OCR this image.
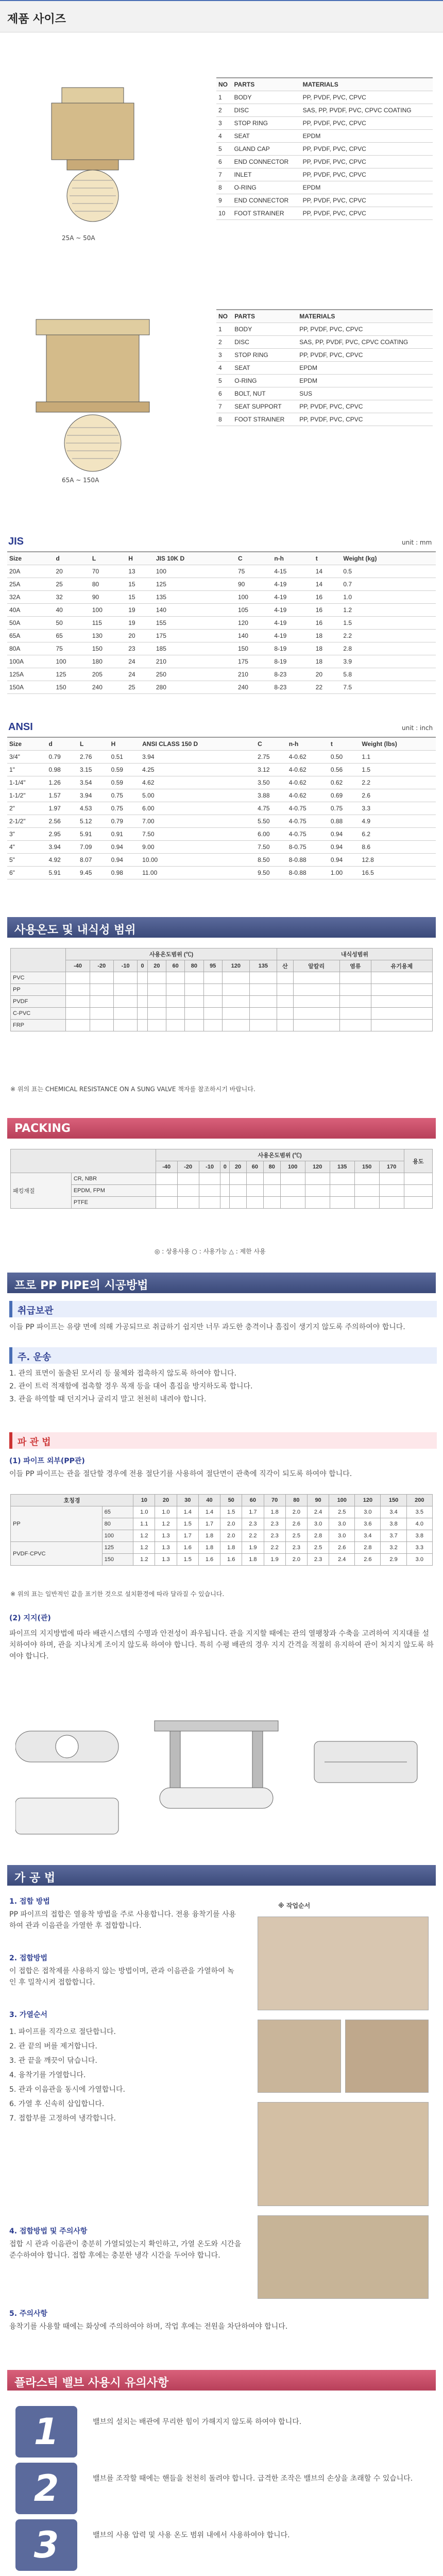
제품 사이즈
25A ~ 50A
NO	PARTS	MATERIALS
1	BODY	PP, PVDF, PVC, CPVC
2	DISC	SAS, PP, PVDF, PVC, CPVC COATING
3	STOP RING	PP, PVDF, PVC, CPVC
4	SEAT	EPDM
5	GLAND CAP	PP, PVDF, PVC, CPVC
6	END CONNECTOR	PP, PVDF, PVC, CPVC
7	INLET	PP, PVDF, PVC, CPVC
8	O-RING	EPDM
9	END CONNECTOR	PP, PVDF, PVC, CPVC
10	FOOT STRAINER	PP, PVDF, PVC, CPVC
65A ~ 150A
NO	PARTS	MATERIALS
1	BODY	PP, PVDF, PVC, CPVC
2	DISC	SAS, PP, PVDF, PVC, CPVC COATING
3	STOP RING	PP, PVDF, PVC, CPVC
4	SEAT	EPDM
5	O-RING	EPDM
6	BOLT, NUT	SUS
7	SEAT SUPPORT	PP, PVDF, PVC, CPVC
8	FOOT STRAINER	PP, PVDF, PVC, CPVC
JIS	unit : mm
Size	d	L	H	JIS 10K D	C	n-h	t	Weight (kg)
20A	20	70	13	100	75	4-15	14	0.5
25A	25	80	15	125	90	4-19	14	0.7
32A	32	90	15	135	100	4-19	16	1.0
40A	40	100	19	140	105	4-19	16	1.2
50A	50	115	19	155	120	4-19	16	1.5
65A	65	130	20	175	140	4-19	18	2.2
80A	75	150	23	185	150	8-19	18	2.8
100A	100	180	24	210	175	8-19	18	3.9
125A	125	205	24	250	210	8-23	20	5.8
150A	150	240	25	280	240	8-23	22	7.5
ANSI	unit : inch
Size	d	L	H	ANSI CLASS 150 D	C	n-h	t	Weight (lbs)
3/4"	0.79	2.76	0.51	3.94	2.75	4-0.62	0.50	1.1
1"	0.98	3.15	0.59	4.25	3.12	4-0.62	0.56	1.5
1-1/4"	1.26	3.54	0.59	4.62	3.50	4-0.62	0.62	2.2
1-1/2"	1.57	3.94	0.75	5.00	3.88	4-0.62	0.69	2.6
2"	1.97	4.53	0.75	6.00	4.75	4-0.75	0.75	3.3
2-1/2"	2.56	5.12	0.79	7.00	5.50	4-0.75	0.88	4.9
3"	2.95	5.91	0.91	7.50	6.00	4-0.75	0.94	6.2
4"	3.94	7.09	0.94	9.00	7.50	8-0.75	0.94	8.6
5"	4.92	8.07	0.94	10.00	8.50	8-0.88	0.94	12.8
6"	5.91	9.45	0.98	11.00	9.50	8-0.88	1.00	16.5
사용온도 및 내식성 범위
	사용온도범위 (℃)										내식성범위			
	-40	-20	-10	0	20	60	80	95	120	135	산	알칼리	염류	유기용제
PVC														
PP														
PVDF														
C-PVC														
FRP														
※ 위의 표는 CHEMICAL RESISTANCE ON A SUNG VALVE 책자를 참조하시기 바랍니다.
PACKING
		사용온도범위 (℃)												용도
		-40	-20	-10	0	20	60	80	100	120	135	150	170	
패킹재질	CR, NBR													
	EPDM, FPM													
	PTFE													
◎ : 상용사용 ○ : 사용가능 △ : 제한 사용
프로 PP PIPE의 시공방법
취급보관
이들 PP 파이프는 유량 면에 의해 가공되므로 취급하기 쉽지만 너무 과도한 충격이나 흠집이 생기지 않도록 주의하여야 합니다.
주. 운송
1. 관의 표면이 돌출된 모서리 등 물체와 접촉하지 않도록 하여야 합니다.
2. 관이 트럭 적재함에 접촉할 경우 목재 등을 대어 흠집을 방지하도록 합니다.
3. 관을 하역할 때 던지거나 굴리지 말고 천천히 내려야 합니다.
파 관 법
(1) 파이프 외부(PP관)
이들 PP 파이프는 관을 절단할 경우에 전용 절단기를 사용하여 절단면이 관축에 직각이 되도록 하여야 합니다.
호칭경		10	20	30	40	50	60	70	80	90	100	120	150	200
PP	65	1.0	1.0	1.4	1.4	1.5	1.7	1.8	2.0	2.4	2.5	3.0	3.4	3.5
	80	1.1	1.2	1.5	1.7	2.0	2.3	2.3	2.6	3.0	3.0	3.6	3.8	4.0
	100	1.2	1.3	1.7	1.8	2.0	2.2	2.3	2.5	2.8	3.0	3.4	3.7	3.8
PVDF·CPVC	125	1.2	1.3	1.6	1.8	1.8	1.9	2.2	2.3	2.5	2.6	2.8	3.2	3.3
	150	1.2	1.3	1.5	1.6	1.6	1.8	1.9	2.0	2.3	2.4	2.6	2.9	3.0
※ 위의 표는 일반적인 값을 표기한 것으로 설치환경에 따라 달라질 수 있습니다.
(2) 지지(관)
파이프의 지지방법에 따라 배관시스템의 수명과 안전성이 좌우됩니다. 관을 지지할 때에는 관의 열팽창과 수축을 고려하여 지지대를 설치하여야 하며, 관을 지나치게 조이지 않도록 하여야 합니다. 특히 수평 배관의 경우 지지 간격을 적절히 유지하여 관이 처지지 않도록 하여야 합니다.
가 공 법
1. 접합 방법
PP 파이프의 접합은 열융착 방법을 주로 사용합니다. 전용 융착기를 사용하여 관과 이음관을 가열한 후 접합합니다.
2. 접합방법
이 접합은 접착제를 사용하지 않는 방법이며, 관과 이음관을 가열하여 녹인 후 밀착시켜 접합합니다.
3. 가열순서
1. 파이프를 직각으로 절단합니다.
2. 관 끝의 버를 제거합니다.
3. 관 끝을 깨끗이 닦습니다.
4. 융착기를 가열합니다.
5. 관과 이음관을 동시에 가열합니다.
6. 가열 후 신속히 삽입합니다.
7. 접합부를 고정하여 냉각합니다.
※ 작업순서
4. 접합방법 및 주의사항
접합 시 관과 이음관이 충분히 가열되었는지 확인하고, 가열 온도와 시간을 준수하여야 합니다. 접합 후에는 충분한 냉각 시간을 두어야 합니다.
5. 주의사항
융착기를 사용할 때에는 화상에 주의하여야 하며, 작업 후에는 전원을 차단하여야 합니다.
플라스틱 밸브 사용시 유의사항
1	밸브의 설치는 배관에 무리한 힘이 가해지지 않도록 하여야 합니다.
2	밸브를 조작할 때에는 핸들을 천천히 돌려야 합니다. 급격한 조작은 밸브의 손상을 초래할 수 있습니다.
3	밸브의 사용 압력 및 사용 온도 범위 내에서 사용하여야 합니다.
